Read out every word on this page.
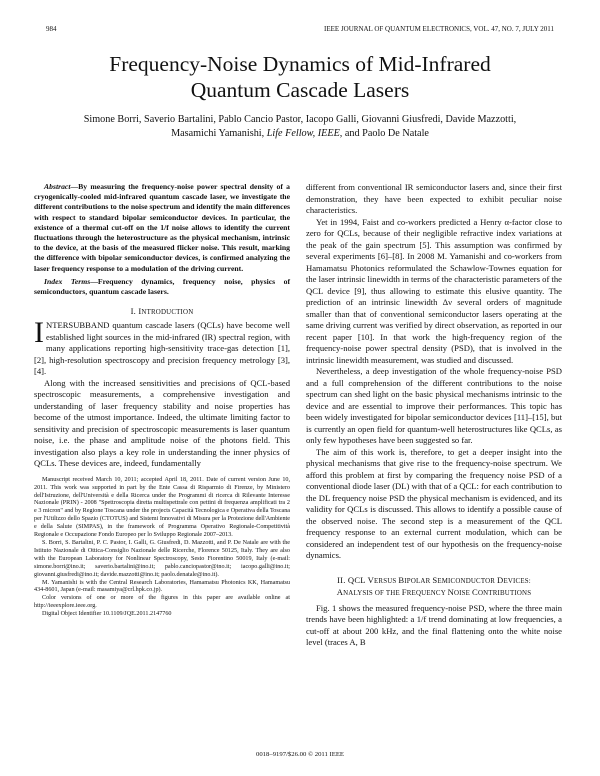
984	IEEE JOURNAL OF QUANTUM ELECTRONICS, VOL. 47, NO. 7, JULY 2011
Frequency-Noise Dynamics of Mid-Infrared
Quantum Cascade Lasers
Simone Borri, Saverio Bartalini, Pablo Cancio Pastor, Iacopo Galli, Giovanni Giusfredi, Davide Mazzotti,
Masamichi Yamanishi, Life Fellow, IEEE, and Paolo De Natale

Abstract—By measuring the frequency-noise power spectral density of a cryogenically-cooled mid-infrared quantum cascade laser, we investigate the different contributions to the noise spectrum and identify the main differences with respect to standard bipolar semiconductor devices. In particular, the existence of a thermal cut-off on the 1/f noise allows to identify the current fluctuations through the heterostructure as the physical mechanism, intrinsic to the device, at the basis of the measured flicker noise. This result, marking the difference with bipolar semiconductor devices, is confirmed analyzing the laser frequency response to a modulation of the driving current.

Index Terms—Frequency dynamics, frequency noise, physics of semiconductors, quantum cascade lasers.

I. INTRODUCTION

INTERSUBBAND quantum cascade lasers (QCLs) have become well established light sources in the mid-infrared (IR) spectral region, with many applications reporting high-sensitivity trace-gas detection [1], [2], high-resolution spectroscopy and precision frequency metrology [3], [4].

Along with the increased sensitivities and precisions of QCL-based spectroscopic measurements, a comprehensive investigation and understanding of laser frequency stability and noise properties has become of the utmost importance. Indeed, the ultimate limiting factor to sensitivity and precision of spectroscopic measurements is laser quantum noise, i.e. the phase and amplitude noise of the photons field. This investigation also plays a key role in understanding the inner physics of QCLs. These devices are, indeed, fundamentally

Manuscript received March 10, 2011; accepted April 18, 2011. Date of current version June 10, 2011. This work was supported in part by the Ente Cassa di Risparmio di Firenze, by Ministero dell'Istruzione, dell'Università e della Ricerca under the Programmi di ricerca di Rilevante Interesse Nazionale (PRIN) - 2008 "Spettroscopia diretta multispettrale con pettini di frequenza amplificati tra 2 e 3 micron" and by Regione Toscana under the projects Capacità Tecnologica e Operativa della Toscana per l'Utilizzo dello Spazio (CTOTUS) and Sistemi Innovativi di Misura per la Protezione dell'Ambiente e della Salute (SIMPAS), in the framework of Programma Operativo Regionale-Competitività Regionale e Occupazione Fondo Europeo per lo Sviluppo Regionale 2007–2013.

S. Borri, S. Bartalini, P. C. Pastor, I. Galli, G. Giusfredi, D. Mazzotti, and P. De Natale are with the Istituto Nazionale di Ottica-Consiglio Nazionale delle Ricerche, Florence 50125, Italy. They are also with the European Laboratory for Nonlinear Spectroscopy, Sesto Fiorentino 50019, Italy (e-mail: simone.borri@ino.it; saverio.bartalini@ino.it; pablo.canciopastor@ino.it; iacopo.galli@ino.it; giovanni.giusfredi@ino.it; davide.mazzotti@ino.it; paolo.denatale@ino.it).

M. Yamanishi is with the Central Research Laboratories, Hamamatsu Photonics KK, Hamamatsu 434-8601, Japan (e-mail: masamiya@crl.hpk.co.jp).

Color versions of one or more of the figures in this paper are available online at http://ieeexplore.ieee.org.

Digital Object Identifier 10.1109/JQE.2011.2147760

different from conventional IR semiconductor lasers and, since their first demonstration, they have been expected to exhibit peculiar noise characteristics.

Yet in 1994, Faist and co-workers predicted a Henry α-factor close to zero for QCLs, because of their negligible refractive index variations at the peak of the gain spectrum [5]. This assumption was confirmed by several experiments [6]–[8]. In 2008 M. Yamanishi and co-workers from Hamamatsu Photonics reformulated the Schawlow-Townes equation for the laser intrinsic linewidth in terms of the characteristic parameters of the QCL device [9], thus allowing to estimate this elusive quantity. The prediction of an intrinsic linewidth Δν several orders of magnitude smaller than that of conventional semiconductor lasers operating at the same driving current was verified by direct observation, as reported in our recent paper [10]. In that work the high-frequency region of the frequency-noise power spectral density (PSD), that is involved in the intrinsic linewidth measurement, was studied and discussed.

Nevertheless, a deep investigation of the whole frequency-noise PSD and a full comprehension of the different contributions to the noise spectrum can shed light on the basic physical mechanisms intrinsic to the device and are essential to improve their performances. This topic has been widely investigated for bipolar semiconductor devices [11]–[15], but is currently an open field for quantum-well heterostructures like QCLs, as only few hypotheses have been suggested so far.

The aim of this work is, therefore, to get a deeper insight into the physical mechanisms that give rise to the frequency-noise spectrum. We afford this problem at first by comparing the frequency noise PSD of a conventional diode laser (DL) with that of a QCL: for each contribution to the DL frequency noise PSD the physical mechanism is evidenced, and its validity for QCLs is discussed. This allows to identify a possible cause of the observed noise. The second step is a measurement of the QCL frequency response to an external current modulation, which can be considered an independent test of our hypothesis on the frequency-noise dynamics.

II. QCL VERSUS BIPOLAR SEMICONDUCTOR DEVICES:
ANALYSIS OF THE FREQUENCY NOISE CONTRIBUTIONS

Fig. 1 shows the measured frequency-noise PSD, where the three main trends have been highlighted: a 1/f trend dominating at low frequencies, a cut-off at about 200 kHz, and the final flattening onto the white noise level (traces A, B

0018–9197/$26.00 © 2011 IEEE
